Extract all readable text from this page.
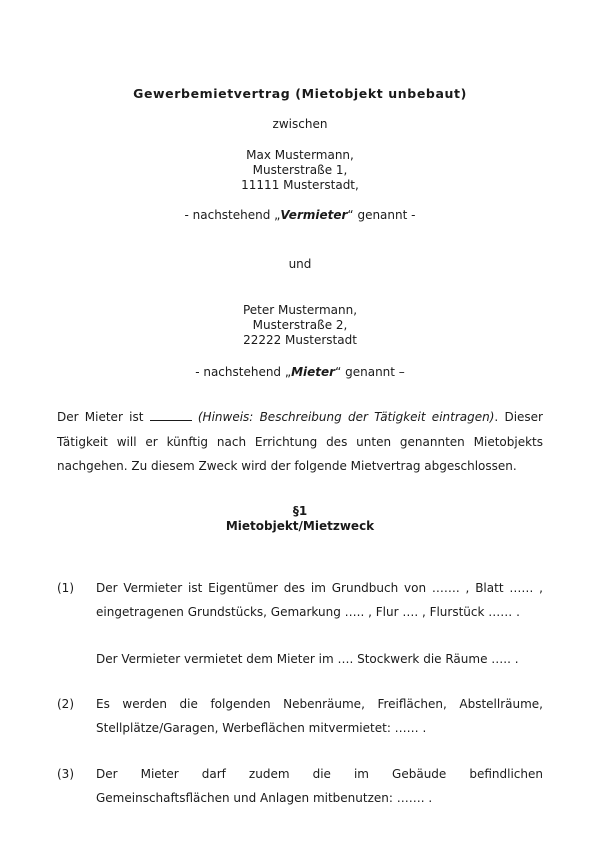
Gewerbemietvertrag (Mietobjekt unbebaut)
zwischen
Max Mustermann,
Musterstraße 1,
11111 Musterstadt,
- nachstehend „Vermieter“ genannt -
und
Peter Mustermann,
Musterstraße 2,
22222 Musterstadt
- nachstehend „Mieter“ genannt –
Der Mieter ist	(Hinweis: Beschreibung der Tätigkeit eintragen). Dieser Tätigkeit will er künftig nach Errichtung des unten genannten Mietobjekts nachgehen. Zu diesem Zweck wird der folgende Mietvertrag abgeschlossen.
§1
Mietobjekt/Mietzweck
(1) Der Vermieter ist Eigentümer des im Grundbuch von ……. , Blatt …… , eingetragenen Grundstücks, Gemarkung ….. , Flur …. , Flurstück …… .
Der Vermieter vermietet dem Mieter im …. Stockwerk die Räume ….. .
(2) Es werden die folgenden Nebenräume, Freiflächen, Abstellräume, Stellplätze/Garagen, Werbeflächen mitvermietet: …… .
(3) Der Mieter darf zudem die im Gebäude befindlichen Gemeinschaftsflächen und Anlagen mitbenutzen: ……. .
